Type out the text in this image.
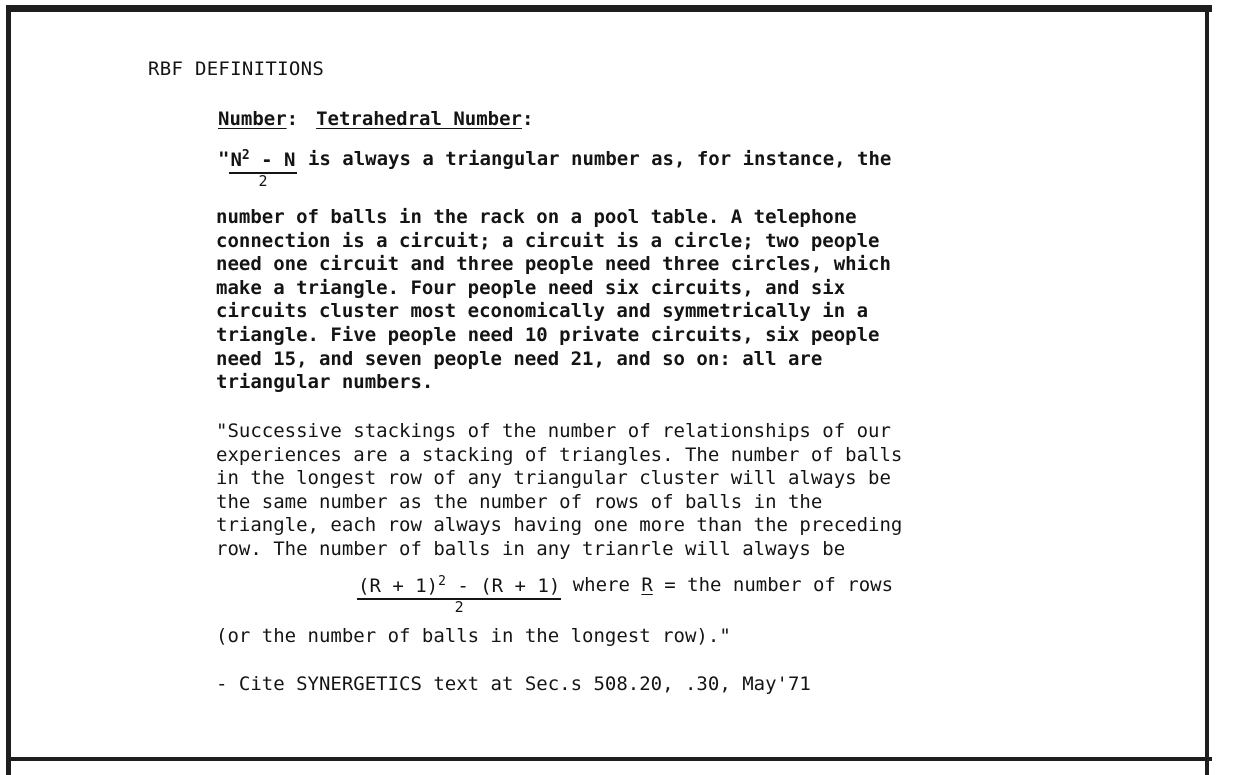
RBF DEFINITIONS
Number: Tetrahedral Number:
" $\frac{N^2 - N}{2}$ is always a triangular number as, for instance, the

number of balls in the rack on a pool table. A telephone
connection is a circuit; a circuit is a circle; two people
need one circuit and three people need three circles, which
make a triangle. Four people need six circuits, and six
circuits cluster most economically and symmetrically in a
triangle. Five people need 10 private circuits, six people
need 15, and seven people need 21, and so on: all are
triangular numbers.

"Successive stackings of the number of relationships of our
experiences are a stacking of triangles. The number of balls
in the longest row of any triangular cluster will always be
the same number as the number of rows of balls in the
triangle, each row always having one more than the preceding
row. The number of balls in any trianrle will always be

$\frac{(R + 1)^2 - (R + 1)}{2}$ where R = the number of rows
(or the number of balls in the longest row)."
- Cite SYNERGETICS text at Sec.s 508.20, .30, May'71
